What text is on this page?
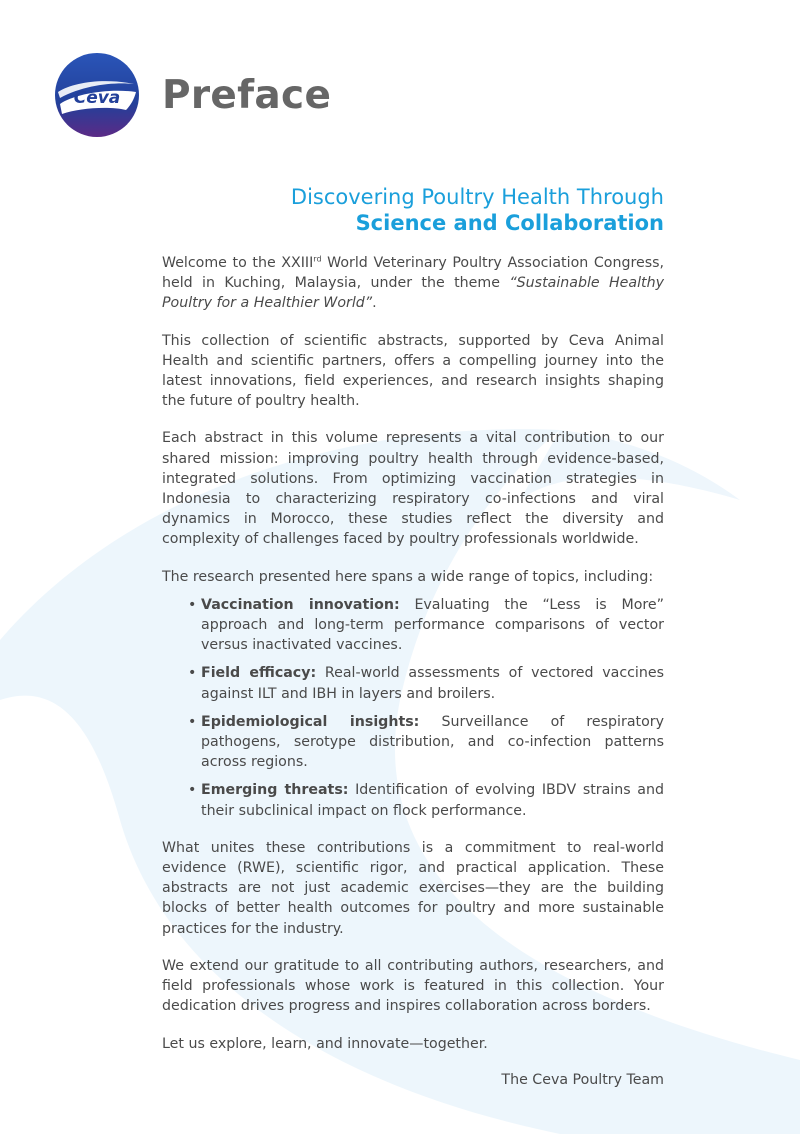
Ceva Preface
Discovering Poultry Health Through
Science and Collaboration

Welcome to the XXIIIrd World Veterinary Poultry Association Congress, held in Kuching, Malaysia, under the theme “Sustainable Healthy Poultry for a Healthier World”.

This collection of scientific abstracts, supported by Ceva Animal Health and scientific partners, offers a compelling journey into the latest innovations, field experiences, and research insights shaping the future of poultry health.

Each abstract in this volume represents a vital contribution to our shared mission: improving poultry health through evidence-based, integrated solutions. From optimizing vaccination strategies in Indonesia to characterizing respiratory co-infections and viral dynamics in Morocco, these studies reflect the diversity and complexity of challenges faced by poultry professionals worldwide.

The research presented here spans a wide range of topics, including:

• Vaccination innovation: Evaluating the “Less is More” approach and long-term performance comparisons of vector versus inactivated vaccines.
• Field efficacy: Real-world assessments of vectored vaccines against ILT and IBH in layers and broilers.
• Epidemiological insights: Surveillance of respiratory pathogens, serotype distribution, and co-infection patterns across regions.
• Emerging threats: Identification of evolving IBDV strains and their subclinical impact on flock performance.

What unites these contributions is a commitment to real-world evidence (RWE), scientific rigor, and practical application. These abstracts are not just academic exercises—they are the building blocks of better health outcomes for poultry and more sustainable practices for the industry.

We extend our gratitude to all contributing authors, researchers, and field professionals whose work is featured in this collection. Your dedication drives progress and inspires collaboration across borders.

Let us explore, learn, and innovate—together.

The Ceva Poultry Team
